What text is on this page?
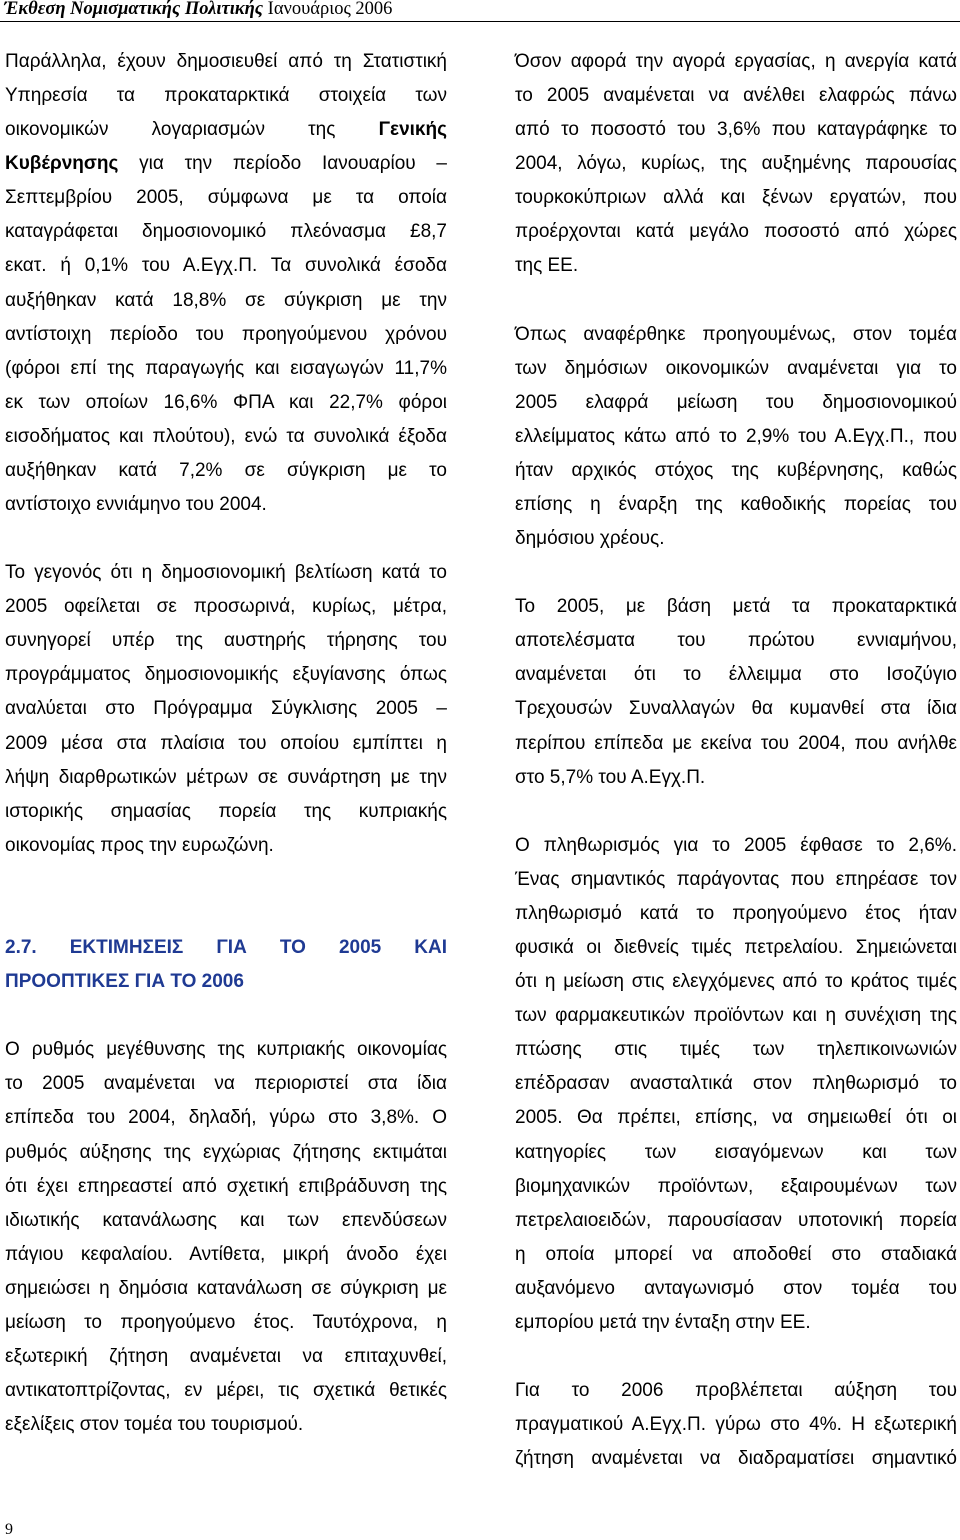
Έκθεση Νομισματικής Πολιτικής Ιανουάριος 2006
Παράλληλα, έχουν δημοσιευθεί από τη Στατιστική
Υπηρεσία τα προκαταρκτικά στοιχεία των
οικονομικών λογαριασμών της Γενικής
Κυβέρνησης για την περίοδο Ιανουαρίου –
Σεπτεμβρίου 2005, σύμφωνα με τα οποία
καταγράφεται δημοσιονομικό πλεόνασμα £8,7
εκατ. ή 0,1% του Α.Εγχ.Π. Τα συνολικά έσοδα
αυξήθηκαν κατά 18,8% σε σύγκριση με την
αντίστοιχη περίοδο του προηγούμενου χρόνου
(φόροι επί της παραγωγής και εισαγωγών 11,7%
εκ των οποίων 16,6% ΦΠΑ και 22,7% φόροι
εισοδήματος και πλούτου), ενώ τα συνολικά έξοδα
αυξήθηκαν κατά 7,2% σε σύγκριση με το
αντίστοιχο εννιάμηνο του 2004.
Το γεγονός ότι η δημοσιονομική βελτίωση κατά το
2005 οφείλεται σε προσωρινά, κυρίως, μέτρα,
συνηγορεί υπέρ της αυστηρής τήρησης του
προγράμματος δημοσιονομικής εξυγίανσης όπως
αναλύεται στο Πρόγραμμα Σύγκλισης 2005 –
2009 μέσα στα πλαίσια του οποίου εμπίπτει η
λήψη διαρθρωτικών μέτρων σε συνάρτηση με την
ιστορικής σημασίας πορεία της κυπριακής
οικονομίας προς την ευρωζώνη.
2.7. ΕΚΤΙΜΗΣΕΙΣ ΓΙΑ ΤΟ 2005 ΚΑΙ
ΠΡΟΟΠΤΙΚΕΣ ΓΙΑ ΤΟ 2006
Ο ρυθμός μεγέθυνσης της κυπριακής οικονομίας
το 2005 αναμένεται να περιοριστεί στα ίδια
επίπεδα του 2004, δηλαδή, γύρω στο 3,8%. Ο
ρυθμός αύξησης της εγχώριας ζήτησης εκτιμάται
ότι έχει επηρεαστεί από σχετική επιβράδυνση της
ιδιωτικής κατανάλωσης και των επενδύσεων
πάγιου κεφαλαίου. Αντίθετα, μικρή άνοδο έχει
σημειώσει η δημόσια κατανάλωση σε σύγκριση με
μείωση το προηγούμενο έτος. Ταυτόχρονα, η
εξωτερική ζήτηση αναμένεται να επιταχυνθεί,
αντικατοπτρίζοντας, εν μέρει, τις σχετικά θετικές
εξελίξεις στον τομέα του τουρισμού.
Όσον αφορά την αγορά εργασίας, η ανεργία κατά
το 2005 αναμένεται να ανέλθει ελαφρώς πάνω
από το ποσοστό του 3,6% που καταγράφηκε το
2004, λόγω, κυρίως, της αυξημένης παρουσίας
τουρκοκύπριων αλλά και ξένων εργατών, που
προέρχονται κατά μεγάλο ποσοστό από χώρες
της ΕΕ.
Όπως αναφέρθηκε προηγουμένως, στον τομέα
των δημόσιων οικονομικών αναμένεται για το
2005 ελαφρά μείωση του δημοσιονομικού
ελλείμματος κάτω από το 2,9% του Α.Εγχ.Π., που
ήταν αρχικός στόχος της κυβέρνησης, καθώς
επίσης η έναρξη της καθοδικής πορείας του
δημόσιου χρέους.
Το 2005, με βάση μετά τα προκαταρκτικά
αποτελέσματα του πρώτου εννιαμήνου,
αναμένεται ότι το έλλειμμα στο Ισοζύγιο
Τρεχουσών Συναλλαγών θα κυμανθεί στα ίδια
περίπου επίπεδα με εκείνα του 2004, που ανήλθε
στο 5,7% του Α.Εγχ.Π.
Ο πληθωρισμός για το 2005 έφθασε το 2,6%.
Ένας σημαντικός παράγοντας που επηρέασε τον
πληθωρισμό κατά το προηγούμενο έτος ήταν
φυσικά οι διεθνείς τιμές πετρελαίου. Σημειώνεται
ότι η μείωση στις ελεγχόμενες από το κράτος τιμές
των φαρμακευτικών προϊόντων και η συνέχιση της
πτώσης στις τιμές των τηλεπικοινωνιών
επέδρασαν ανασταλτικά στον πληθωρισμό το
2005. Θα πρέπει, επίσης, να σημειωθεί ότι οι
κατηγορίες των εισαγόμενων και των
βιομηχανικών προϊόντων, εξαιρουμένων των
πετρελαιοειδών, παρουσίασαν υποτονική πορεία
η οποία μπορεί να αποδοθεί στο σταδιακά
αυξανόμενο ανταγωνισμό στον τομέα του
εμπορίου μετά την ένταξη στην ΕΕ.
Για το 2006 προβλέπεται αύξηση του
πραγματικού Α.Εγχ.Π. γύρω στο 4%. Η εξωτερική
ζήτηση αναμένεται να διαδραματίσει σημαντικό
9
